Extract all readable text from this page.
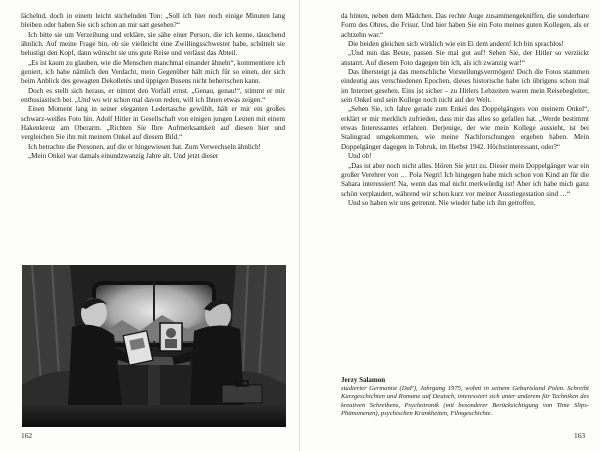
lächelnd, doch in einem leicht stichelnden Ton: „Soll ich hier noch einige Minuten lang bleiben oder haben Sie sich schon an mir satt gesehen?“

Ich bitte sie um Verzeihung und erkläre, sie sähe einer Person, die ich kenne, täuschend ähnlich. Auf meine Frage hin, ob sie vielleicht eine Zwillingsschwester habe, schüttelt sie belustigt den Kopf, dann wünscht sie uns gute Reise und verlässt das Abteil.

„Es ist kaum zu glauben, wie die Menschen manchmal einander ähneln“, kommentiere ich geniert, ich habe nämlich den Verdacht, mein Gegenüber hält mich für so einen, der sich beim Anblick des gewagten Dekolletés und üppigen Busens nicht beherrschen kann.

Doch es stellt sich heraus, er nimmt den Vorfall ernst. „Genau, genau!“, stimmt er mir enthusiastisch bei. „Und wo wir schon mal davon reden, will ich Ihnen etwas zeigen.“

Einen Moment lang in seiner eleganten Ledertasche gewühlt, hält er mir ein großes schwarz-weißes Foto hin. Adolf Hitler in Gesellschaft von einigen jungen Leuten mit einem Hakenkreuz am Oberarm. „Richten Sie Ihre Aufmerksamkeit auf diesen hier und vergleichen Sie ihn mit meinem Onkel auf diesem Bild.“

Ich betrachte die Personen, auf die er hingewiesen hat. Zum Verwechseln ähnlich!

„Mein Onkel war damals einundzwanzig Jahre alt. Und jetzt dieser

162

da hinten, neben dem Mädchen. Das rechte Auge zusammengekniffen, die sonderbare Form des Ohres, die Frisur. Und hier haben Sie ein Foto meines guten Kollegen, als er achtzehn war.“

Die beiden gleichen sich wirklich wie ein Ei dem andern! Ich bin sprachlos!

„Und nun das Beste, passen Sie mal gut auf! Sehen Sie, der Hitler so verzückt anstarrt. Auf diesem Foto dagegen bin ich, als ich zwanzig war!“

Das übersteigt ja das menschliche Vorstellungsvermögen! Doch die Fotos stammen eindeutig aus verschiedenen Epochen, dieses historische habe ich übrigens schon mal im Internet gesehen. Eins ist sicher – zu Hitlers Lebzeiten waren mein Reisebegleiter, sein Onkel und sein Kollege noch nicht auf der Welt.

„Sehen Sie, ich fahre gerade zum Enkel des Doppelgängers von meinem Onkel“, erklärt er mir merklich zufrieden, dass mir das alles so gefallen hat. „Werde bestimmt etwas Interessantes erfahren. Derjenige, der wie mein Kollege aussieht, ist bei Stalingrad umgekommen, wie meine Nachforschungen ergeben haben. Mein Doppelgänger dagegen in Tobruk, im Herbst 1942. Höchstinteressant, oder?“

Und ob!

„Das ist aber noch nicht alles. Hören Sie jetzt zu. Dieser mein Doppelgänger war ein großer Verehrer von … Pola Negri! Ich hingegen habe mich schon von Kind an für die Sahara interessiert! Na, wenn das mal nicht merkwürdig ist! Aber ich habe mich ganz schön verplaudert, während wir schon kurz vor meiner Ausstiegestation sind …“

Und so haben wir uns getrennt. Nie wieder habe ich ihn getroffen.

Jerzy Salamon
studierter Germanist (DaF), Jahrgang 1975, wohnt in seinem Geburtsland Polen. Schreibt Kurzgeschichten und Romane auf Deutsch, interessiert sich unter anderem für Techniken des kreativen Schreibens, Psychotronik (mit besonderer Berücksichtigung von Time Slips-Phänomenen), psychischen Krankheiten, Filmgeschichte.
163
